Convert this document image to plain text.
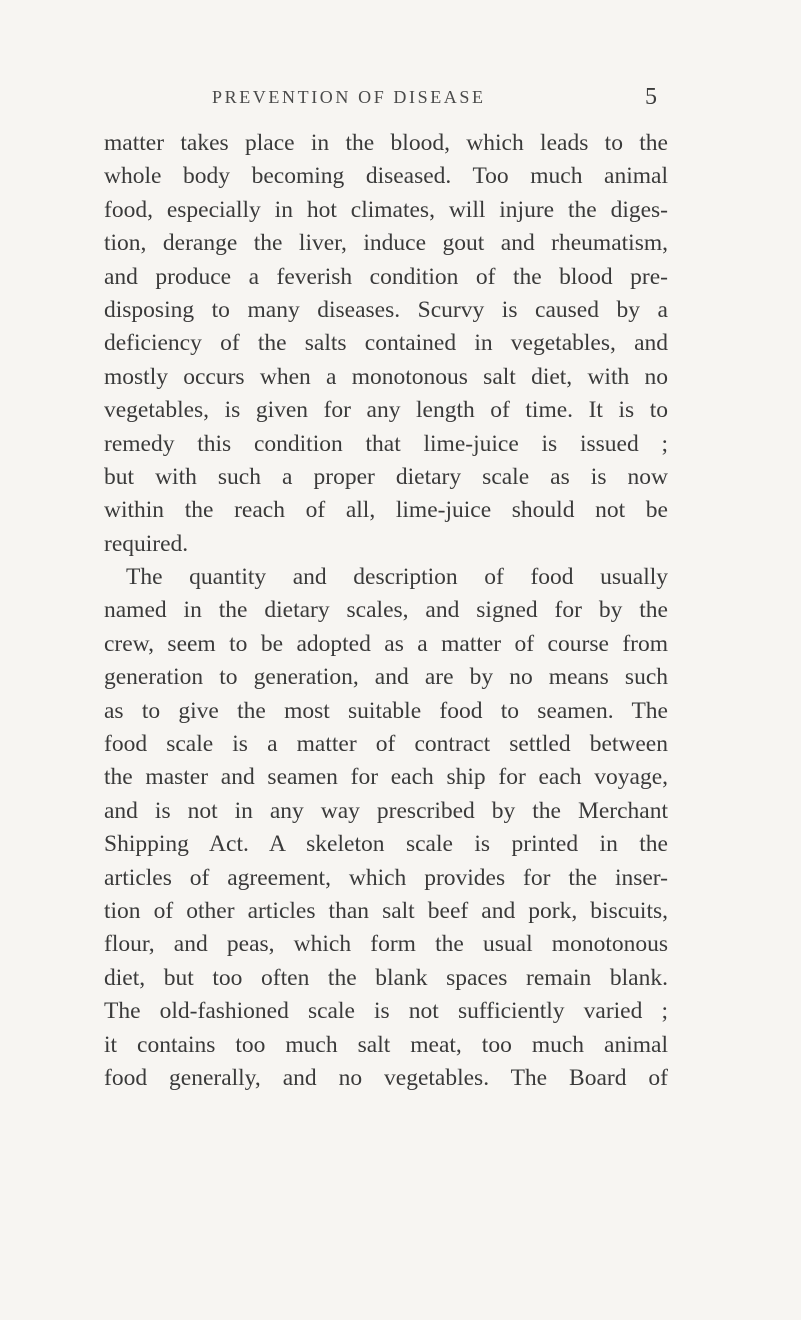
PREVENTION OF DISEASE	5
matter takes place in the blood, which leads to the
whole body becoming diseased. Too much animal
food, especially in hot climates, will injure the diges-
tion, derange the liver, induce gout and rheumatism,
and produce a feverish condition of the blood pre-
disposing to many diseases. Scurvy is caused by a
deficiency of the salts contained in vegetables, and
mostly occurs when a monotonous salt diet, with no
vegetables, is given for any length of time. It is to
remedy this condition that lime-juice is issued ;
but with such a proper dietary scale as is now
within the reach of all, lime-juice should not be
required.
The quantity and description of food usually
named in the dietary scales, and signed for by the
crew, seem to be adopted as a matter of course from
generation to generation, and are by no means such
as to give the most suitable food to seamen. The
food scale is a matter of contract settled between
the master and seamen for each ship for each voyage,
and is not in any way prescribed by the Merchant
Shipping Act. A skeleton scale is printed in the
articles of agreement, which provides for the inser-
tion of other articles than salt beef and pork, biscuits,
flour, and peas, which form the usual monotonous
diet, but too often the blank spaces remain blank.
The old-fashioned scale is not sufficiently varied ;
it contains too much salt meat, too much animal
food generally, and no vegetables. The Board of
